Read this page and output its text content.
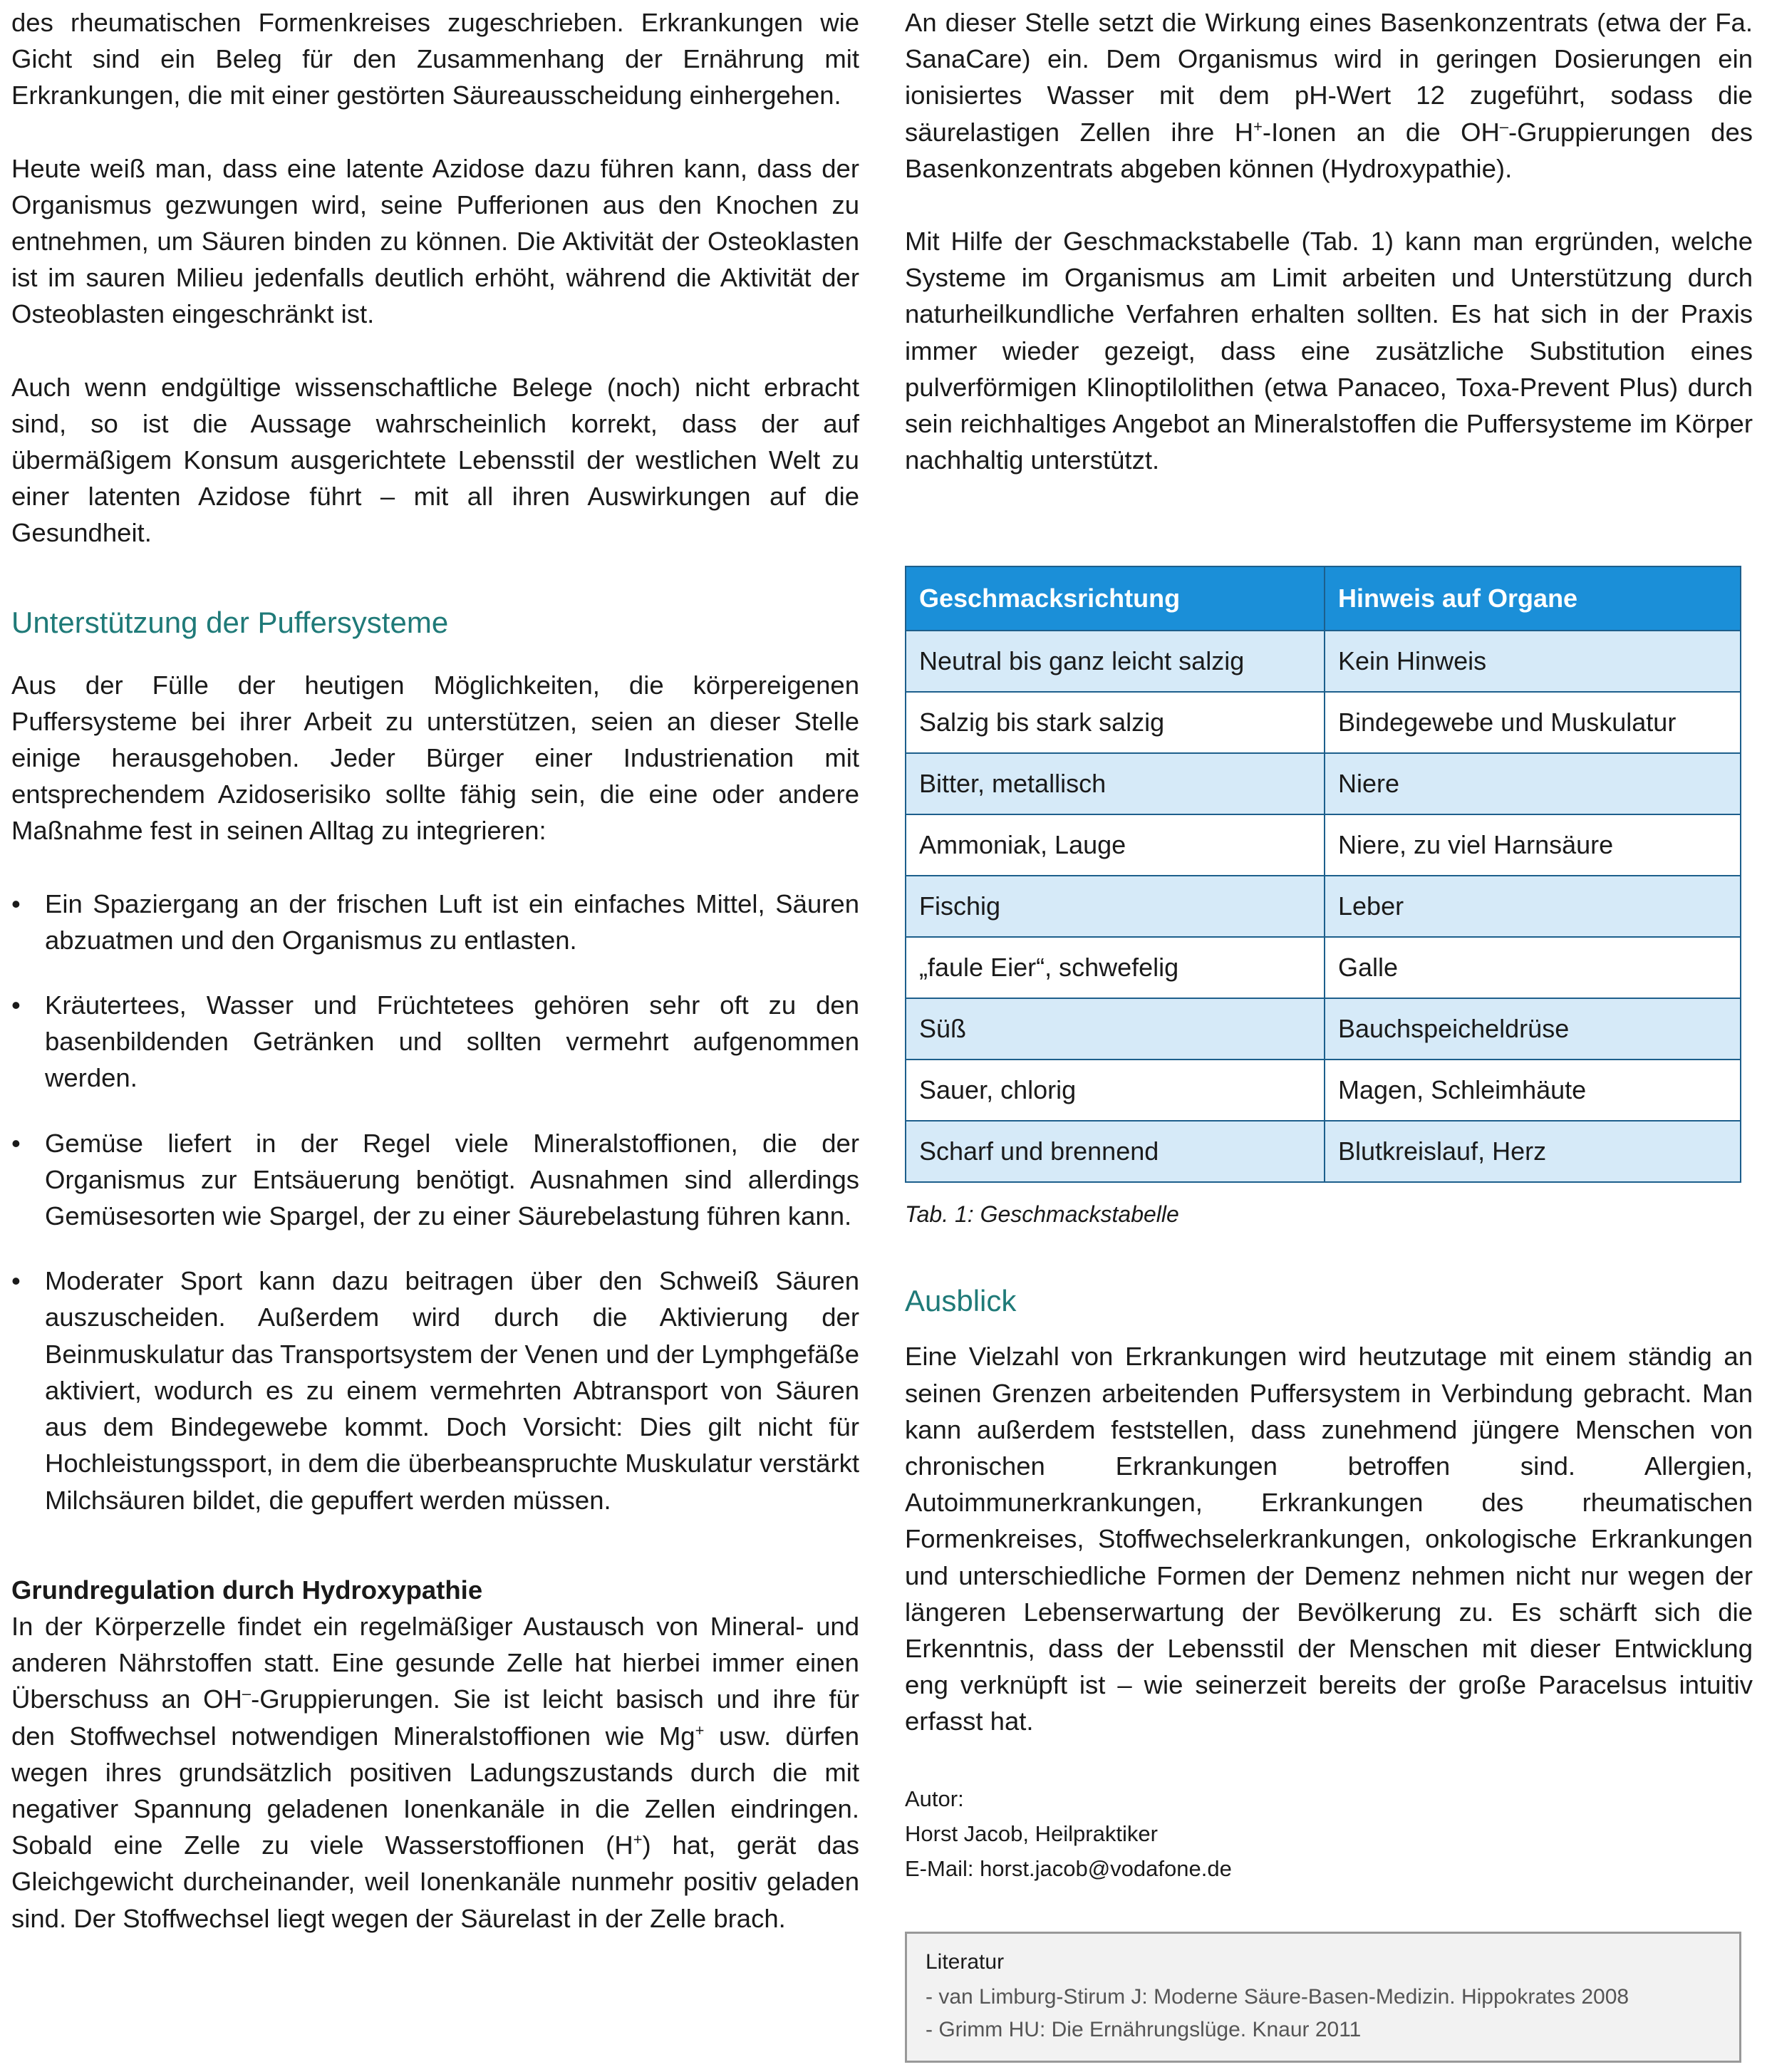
des rheumatischen Formenkreises zugeschrieben. Erkrankungen wie Gicht sind ein Beleg für den Zusammenhang der Ernährung mit Erkrankungen, die mit einer gestörten Säureausscheidung einhergehen.

Heute weiß man, dass eine latente Azidose dazu führen kann, dass der Organismus gezwungen wird, seine Pufferionen aus den Knochen zu entnehmen, um Säuren binden zu können. Die Aktivität der Osteoklasten ist im sauren Milieu jedenfalls deutlich erhöht, während die Aktivität der Osteoblasten eingeschränkt ist.

Auch wenn endgültige wissenschaftliche Belege (noch) nicht erbracht sind, so ist die Aussage wahrscheinlich korrekt, dass der auf übermäßigem Konsum ausgerichtete Lebensstil der westlichen Welt zu einer latenten Azidose führt – mit all ihren Auswirkungen auf die Gesundheit.

Unterstützung der Puffersysteme

Aus der Fülle der heutigen Möglichkeiten, die körpereigenen Puffersysteme bei ihrer Arbeit zu unterstützen, seien an dieser Stelle einige herausgehoben. Jeder Bürger einer Industrienation mit entsprechendem Azidoserisiko sollte fähig sein, die eine oder andere Maßnahme fest in seinen Alltag zu integrieren:

• Ein Spaziergang an der frischen Luft ist ein einfaches Mittel, Säuren abzuatmen und den Organismus zu entlasten.
• Kräutertees, Wasser und Früchtetees gehören sehr oft zu den basenbildenden Getränken und sollten vermehrt aufgenommen werden.
• Gemüse liefert in der Regel viele Mineralstoffionen, die der Organismus zur Entsäuerung benötigt. Ausnahmen sind allerdings Gemüsesorten wie Spargel, der zu einer Säurebelastung führen kann.
• Moderater Sport kann dazu beitragen über den Schweiß Säuren auszuscheiden. Außerdem wird durch die Aktivierung der Beinmuskulatur das Transportsystem der Venen und der Lymphgefäße aktiviert, wodurch es zu einem vermehrten Abtransport von Säuren aus dem Bindegewebe kommt. Doch Vorsicht: Dies gilt nicht für Hochleistungssport, in dem die überbeanspruchte Muskulatur verstärkt Milchsäuren bildet, die gepuffert werden müssen.
Grundregulation durch Hydroxypathie

In der Körperzelle findet ein regelmäßiger Austausch von Mineral- und anderen Nährstoffen statt. Eine gesunde Zelle hat hierbei immer einen Überschuss an OH–-Gruppierungen. Sie ist leicht basisch und ihre für den Stoffwechsel notwendigen Mineralstoffionen wie Mg+ usw. dürfen wegen ihres grundsätzlich positiven Ladungszustands durch die mit negativer Spannung geladenen Ionenkanäle in die Zellen eindringen. Sobald eine Zelle zu viele Wasserstoffionen (H+) hat, gerät das Gleichgewicht durcheinander, weil Ionenkanäle nunmehr positiv geladen sind. Der Stoffwechsel liegt wegen der Säurelast in der Zelle brach.

An dieser Stelle setzt die Wirkung eines Basenkonzentrats (etwa der Fa. SanaCare) ein. Dem Organismus wird in geringen Dosierungen ein ionisiertes Wasser mit dem pH-Wert 12 zugeführt, sodass die säurelastigen Zellen ihre H+-Ionen an die OH–-Gruppierungen des Basenkonzentrats abgeben können (Hydroxypathie).

Mit Hilfe der Geschmackstabelle (Tab. 1) kann man ergründen, welche Systeme im Organismus am Limit arbeiten und Unterstützung durch naturheilkundliche Verfahren erhalten sollten. Es hat sich in der Praxis immer wieder gezeigt, dass eine zusätzliche Substitution eines pulverförmigen Klinoptilolithen (etwa Panaceo, Toxa-Prevent Plus) durch sein reichhaltiges Angebot an Mineralstoffen die Puffersysteme im Körper nachhaltig unterstützt.

Geschmacksrichtung	Hinweis auf Organe
Neutral bis ganz leicht salzig	Kein Hinweis
Salzig bis stark salzig	Bindegewebe und Muskulatur
Bitter, metallisch	Niere
Ammoniak, Lauge	Niere, zu viel Harnsäure
Fischig	Leber
„faule Eier“, schwefelig	Galle
Süß	Bauchspeicheldrüse
Sauer, chlorig	Magen, Schleimhäute
Scharf und brennend	Blutkreislauf, Herz
Tab. 1: Geschmackstabelle
Ausblick

Eine Vielzahl von Erkrankungen wird heutzutage mit einem ständig an seinen Grenzen arbeitenden Puffersystem in Verbindung gebracht. Man kann außerdem feststellen, dass zunehmend jüngere Menschen von chronischen Erkrankungen betroffen sind. Allergien, Autoimmunerkrankungen, Erkrankungen des rheumatischen Formenkreises, Stoffwechselerkrankungen, onkologische Erkrankungen und unterschiedliche Formen der Demenz nehmen nicht nur wegen der längeren Lebenserwartung der Bevölkerung zu. Es schärft sich die Erkenntnis, dass der Lebensstil der Menschen mit dieser Entwicklung eng verknüpft ist – wie seinerzeit bereits der große Paracelsus intuitiv erfasst hat.

Autor:
Horst Jacob, Heilpraktiker
E-Mail: horst.jacob@vodafone.de
Literatur
- van Limburg-Stirum J: Moderne Säure-Basen-Medizin. Hippokrates 2008
- Grimm HU: Die Ernährungslüge. Knaur 2011
